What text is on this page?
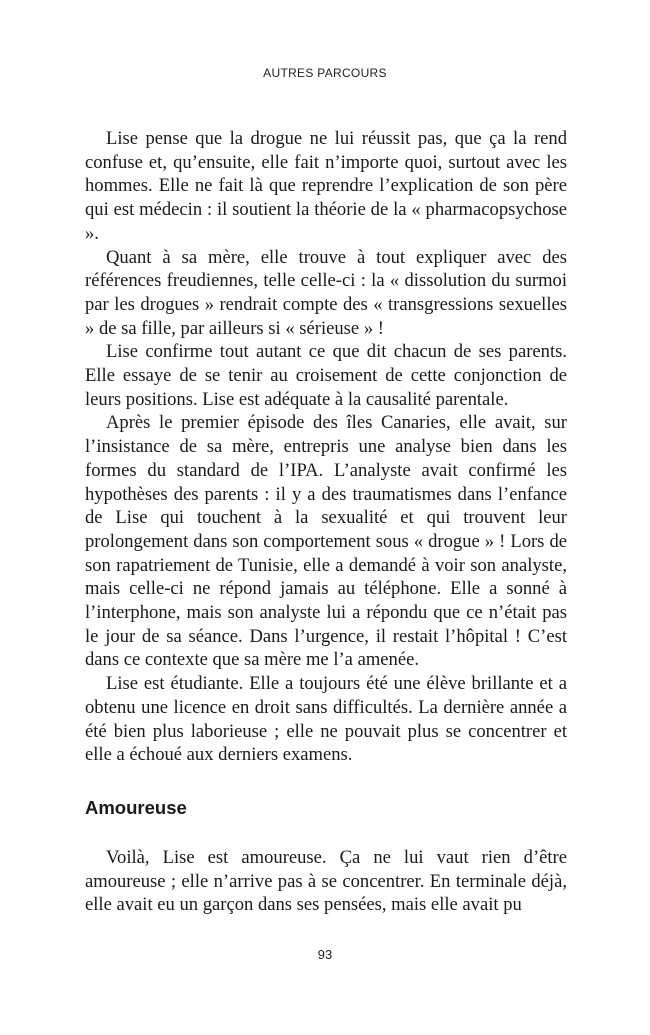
AUTRES PARCOURS

Lise pense que la drogue ne lui réussit pas, que ça la rend confuse et, qu’ensuite, elle fait n’importe quoi, surtout avec les hommes. Elle ne fait là que reprendre l’explication de son père qui est médecin : il soutient la théorie de la « pharmacopsychose ».

Quant à sa mère, elle trouve à tout expliquer avec des références freudiennes, telle celle-ci : la « dissolution du surmoi par les drogues » rendrait compte des « transgressions sexuelles » de sa fille, par ailleurs si « sérieuse » !

Lise confirme tout autant ce que dit chacun de ses parents. Elle essaye de se tenir au croisement de cette conjonction de leurs positions. Lise est adéquate à la causalité parentale.

Après le premier épisode des îles Canaries, elle avait, sur l’insistance de sa mère, entrepris une analyse bien dans les formes du standard de l’IPA. L’analyste avait confirmé les hypothèses des parents : il y a des traumatismes dans l’enfance de Lise qui touchent à la sexualité et qui trouvent leur prolongement dans son comportement sous « drogue » ! Lors de son rapatriement de Tunisie, elle a demandé à voir son analyste, mais celle-ci ne répond jamais au téléphone. Elle a sonné à l’interphone, mais son analyste lui a répondu que ce n’était pas le jour de sa séance. Dans l’urgence, il restait l’hôpital ! C’est dans ce contexte que sa mère me l’a amenée.

Lise est étudiante. Elle a toujours été une élève brillante et a obtenu une licence en droit sans difficultés. La dernière année a été bien plus laborieuse ; elle ne pouvait plus se concentrer et elle a échoué aux derniers examens.

Amoureuse

Voilà, Lise est amoureuse. Ça ne lui vaut rien d’être amoureuse ; elle n’arrive pas à se concentrer. En terminale déjà, elle avait eu un garçon dans ses pensées, mais elle avait pu

93
